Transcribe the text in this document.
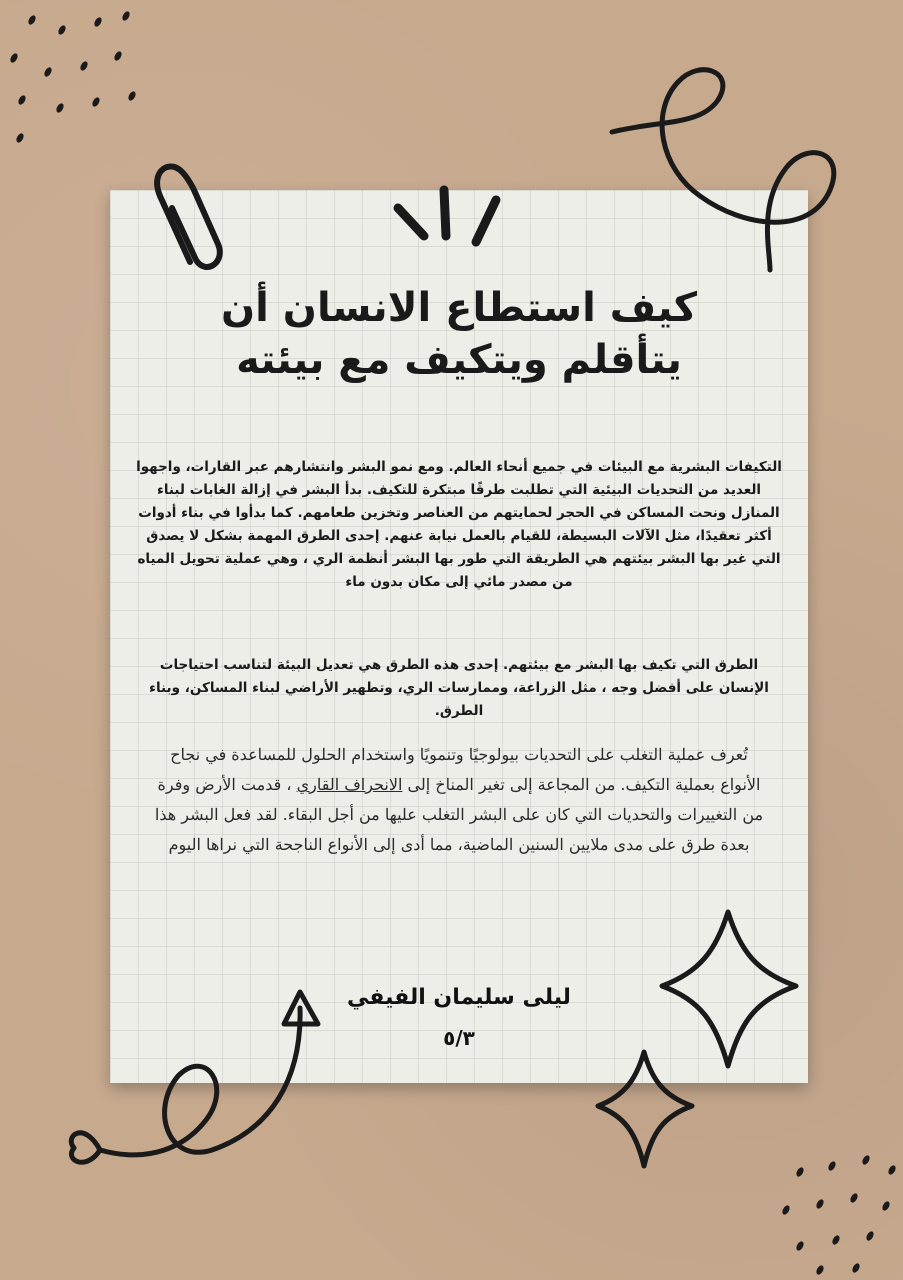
كيف استطاع الانسان أن
يتأقلم ويتكيف مع بيئته
التكيفات البشرية مع البيئات في جميع أنحاء العالم. ومع نمو البشر وانتشارهم عبر القارات، واجهوا العديد من التحديات البيئية التي تطلبت طرقًا مبتكرة للتكيف. بدأ البشر في إزالة الغابات لبناء المنازل ونحت المساكن في الحجر لحمايتهم من العناصر وتخزين طعامهم. كما بدأوا في بناء أدوات أكثر تعقيدًا، مثل الآلات البسيطة، للقيام بالعمل نيابة عنهم. إحدى الطرق المهمة بشكل لا يصدق التي غير بها البشر بيئتهم هي الطريقة التي طور بها البشر أنظمة الري ، وهي عملية تحويل المياه من مصدر مائي إلى مكان بدون ماء
الطرق التي تكيف بها البشر مع بيئتهم. إحدى هذه الطرق هي تعديل البيئة لتناسب احتياجات الإنسان على أفضل وجه ، مثل الزراعة، وممارسات الري، وتطهير الأراضي لبناء المساكن، وبناء الطرق.
تُعرف عملية التغلب على التحديات بيولوجيًا وتنمويًا واستخدام الحلول للمساعدة في نجاح الأنواع بعملية التكيف. من المجاعة إلى تغير المناخ إلى الانحراف القاري ، قدمت الأرض وفرة من التغييرات والتحديات التي كان على البشر التغلب عليها من أجل البقاء. لقد فعل البشر هذا بعدة طرق على مدى ملايين السنين الماضية، مما أدى إلى الأنواع الناجحة التي نراها اليوم
ليلى سليمان الفيفي
٥/٣
